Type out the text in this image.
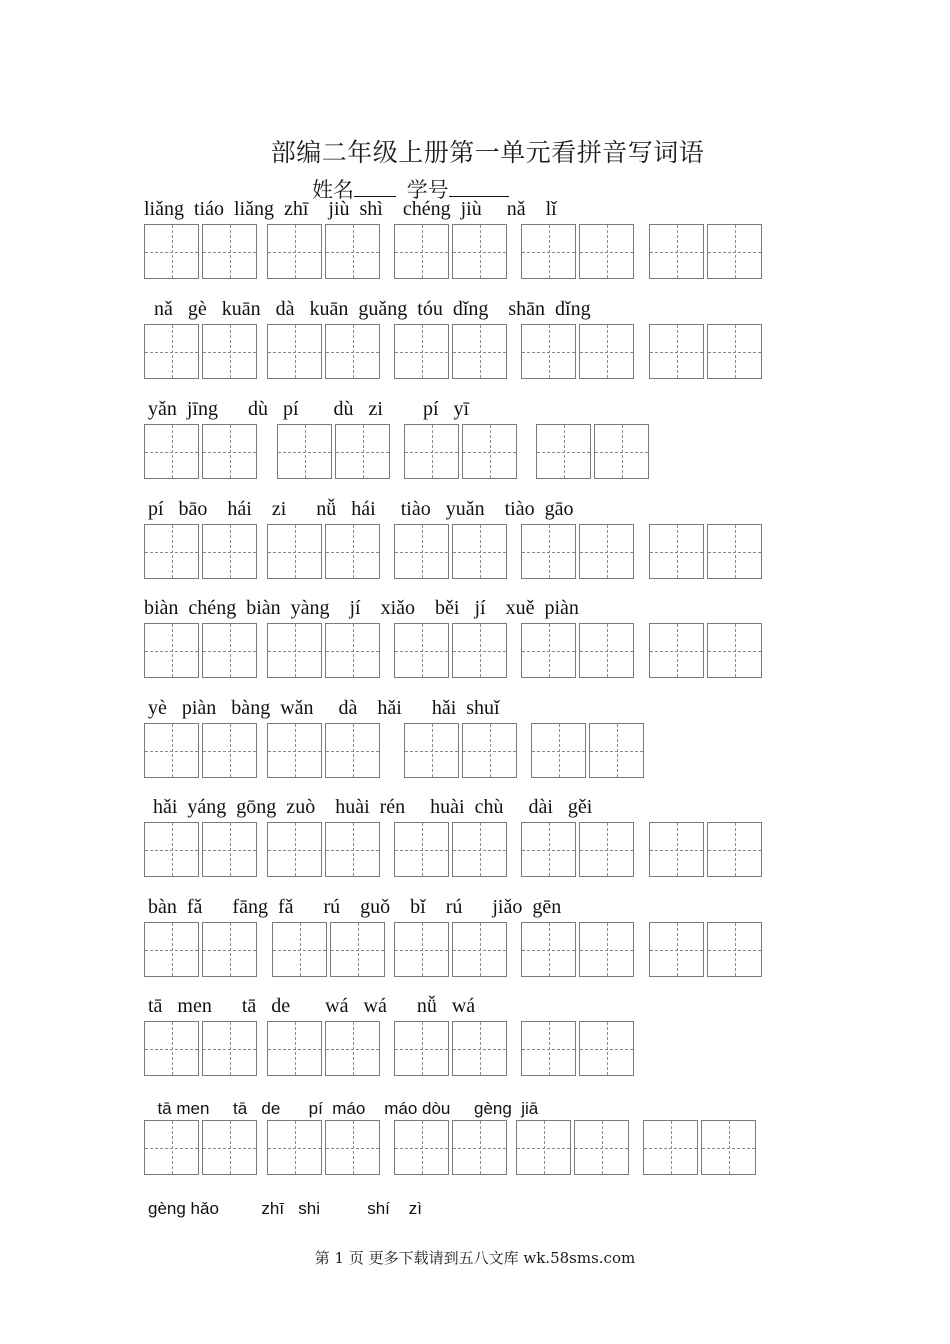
部编二年级上册第一单元看拼音写词语
姓名	学号
liǎng  tiáo  liǎng  zhī    jiù  shì    chéng  jiù     nǎ    lǐ
nǎ   gè   kuān   dà   kuān  guǎng  tóu  dǐng    shān  dǐng
yǎn  jīng      dù   pí       dù   zi        pí   yī
pí   bāo    hái    zi      nǚ   hái     tiào   yuǎn    tiào  gāo
biàn  chéng  biàn  yàng    jí    xiǎo    běi   jí    xuě  piàn
yè   piàn   bàng  wǎn     dà    hǎi      hǎi  shuǐ
hǎi  yáng  gōng  zuò    huài  rén     huài  chù     dài   gěi
bàn  fǎ      fāng  fǎ      rú    guǒ    bǐ    rú      jiǎo  gēn
tā   men      tā   de       wá   wá      nǚ   wá
tā men     tā   de      pí  máo    máo dòu     gèng  jiā
gèng hǎo         zhī   shi          shí    zì
第 1 页 更多下载请到五八文库 wk.58sms.com
